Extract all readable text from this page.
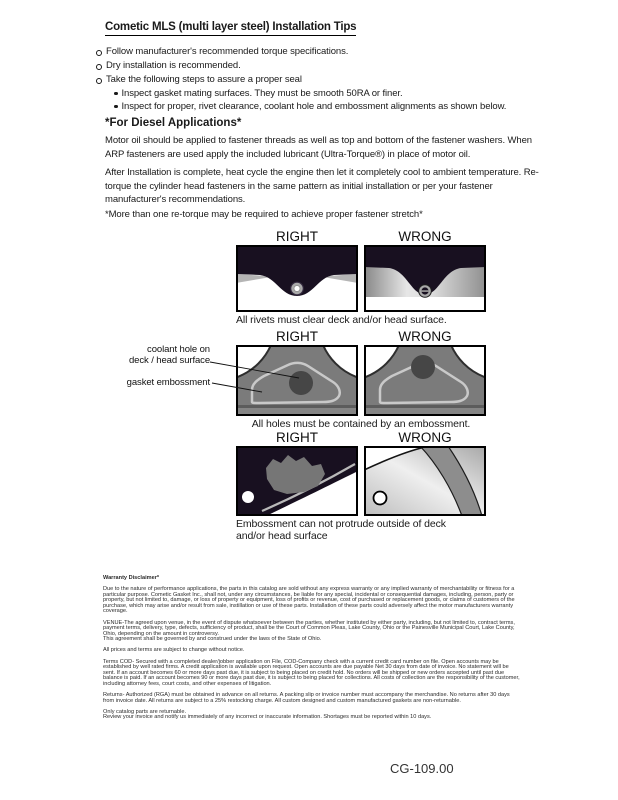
Cometic MLS (multi layer steel) Installation Tips
Follow manufacturer's recommended torque specifications.
Dry installation is recommended.
Take the following steps to assure a proper seal
Inspect gasket mating surfaces. They must be smooth 50RA or finer.
Inspect for proper, rivet clearance, coolant hole and embossment alignments as shown below.
*For Diesel Applications*

Motor oil should be applied to fastener threads as well as top and bottom of the fastener washers. When ARP fasteners are used apply the included lubricant (Ultra-Torque®) in place of motor oil.

After Installation is complete, heat cycle the engine then let it completely cool to ambient temperature. Re-torque the cylinder head fasteners in the same pattern as initial installation or per your fastener manufacturer's recommendations.

*More than one re-torque may be required to achieve proper fastener stretch*

RIGHT	WRONG
All rivets must clear deck and/or head surface.
RIGHT	WRONG
All holes must be contained by an embossment.
coolant hole on
deck / head surface
gasket embossment
RIGHT	WRONG
Embossment can not protrude outside of deck
and/or head surface

Warranty Disclaimer*

Due to the nature of performance applications, the parts in this catalog are sold without any express warranty or any implied warranty of merchantability or fitness for a particular purpose. Cometic Gasket Inc., shall not, under any circumstances, be liable for any special, incidental or consequential damages, including, person, party or property, but not limited to, damage, or loss of property or equipment, loss of profits or revenue, cost of purchased or replacement goods, or claims of customers of the purchase, which may arise and/or result from sale, instillation or use of these parts. Installation of these parts could adversely affect the motor manufacturers warranty coverage.

VENUE-The agreed upon venue, in the event of dispute whatsoever between the parties, whether instituted by either party, including, but not limited to, contract terms, payment terms, delivery, type, defects, sufficiency of product, shall be the Court of Common Pleas, Lake County, Ohio or the Painesville Municipal Court, Lake County, Ohio, depending on the amount in controversy.

This agreement shall be governed by and construed under the laws of the State of Ohio.

All prices and terms are subject to change without notice.

Terms COD- Secured with a completed dealer/jobber application on File, COD-Company check with a current credit card number on file. Open accounts may be established by well rated firms. A credit application is available upon request. Open accounts are due payable Net 30 days from date of invoice. No statement will be sent. If an account becomes 60 or more days past due, it is subject to being placed on credit hold. No orders will be shipped or new orders accepted until past due balance is paid. If an account becomes 90 or more days past due, it is subject to being placed for collections. All costs of collection are the responsibility of the customer, including attorney fees, court costs, and other expenses of litigation.

Returns- Authorized (RGA) must be obtained in advance on all returns. A packing slip or invoice number must accompany the merchandise. No returns after 30 days from invoice date. All returns are subject to a 25% restocking charge. All custom designed and custom manufactured gaskets are non-returnable.

Only catalog parts are returnable.

Review your invoice and notify us immediately of any incorrect or inaccurate information. Shortages must be reported within 10 days.

CG-109.00
